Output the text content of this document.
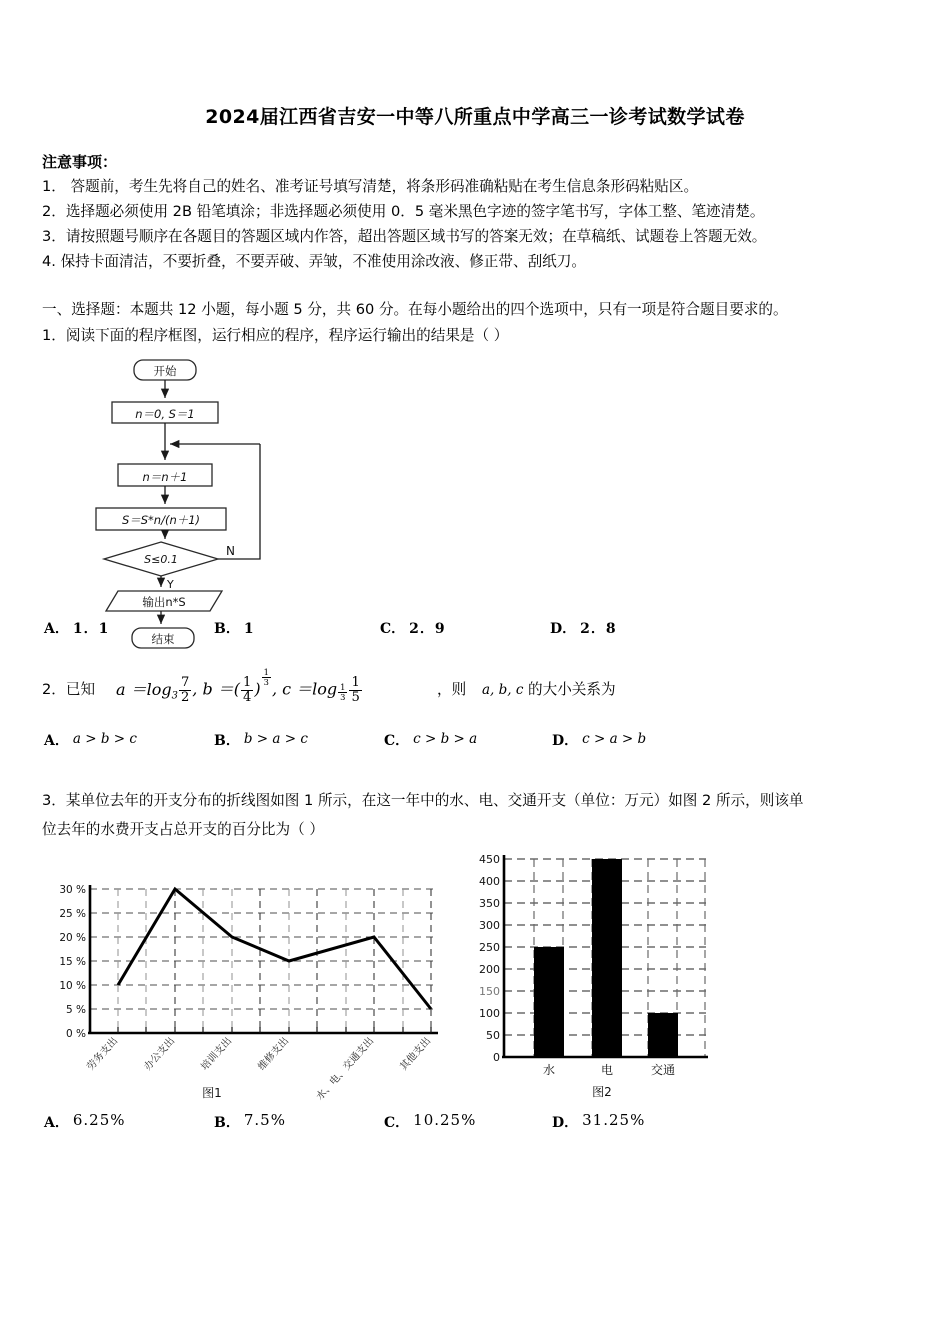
2024届江西省吉安一中等八所重点中学高三一诊考试数学试卷
注意事项：
1． 答题前，考生先将自己的姓名、准考证号填写清楚，将条形码准确粘贴在考生信息条形码粘贴区。
2．选择题必须使用 2B 铅笔填涂；非选择题必须使用 0．5 毫米黑色字迹的签字笔书写，字体工整、笔迹清楚。
3．请按照题号顺序在各题目的答题区域内作答，超出答题区域书写的答案无效；在草稿纸、试题卷上答题无效。
4. 保持卡面清洁，不要折叠，不要弄破、弄皱，不准使用涂改液、修正带、刮纸刀。
一、选择题：本题共 12 小题，每小题 5 分，共 60 分。在每小题给出的四个选项中，只有一项是符合题目要求的。
1．阅读下面的程序框图，运行相应的程序，程序运行输出的结果是（ ）
开始
n＝0, S＝1
n＝n＋1
S＝S*n/(n＋1)
S≤0.1
输出n*S
结束
N
Y
A． 1．1	B． 1	C． 2．9	D． 2．8
2．已知 $a =\log_3 \frac{7}{2}$ , b ＝( $\frac{1}{4}$ )
$\frac{1}{3}$
, $c =\log \frac{1}{3} \frac{1}{5}$	，则 a, b, c 的大小关系为
A． a > b > c	B． b > a > c	C． c > b > a	D． c > a > b
3．某单位去年的开支分布的折线图如图 1 所示，在这一年中的水、电、交通开支（单位：万元）如图 2 所示，则该单
位去年的水费开支占总开支的百分比为（ ）
30 %
25 %
20 %
15 %
10 %
5 %
0 %
劳务支出 办公支出 培训支出 维修支出 水、电、交通支出 其他支出
图1
450
400
350
300
250
200
150
100
50
0
水	电	交通
图2
A． 6.25%	B． 7.5%	C． 10.25%	D． 31.25%
